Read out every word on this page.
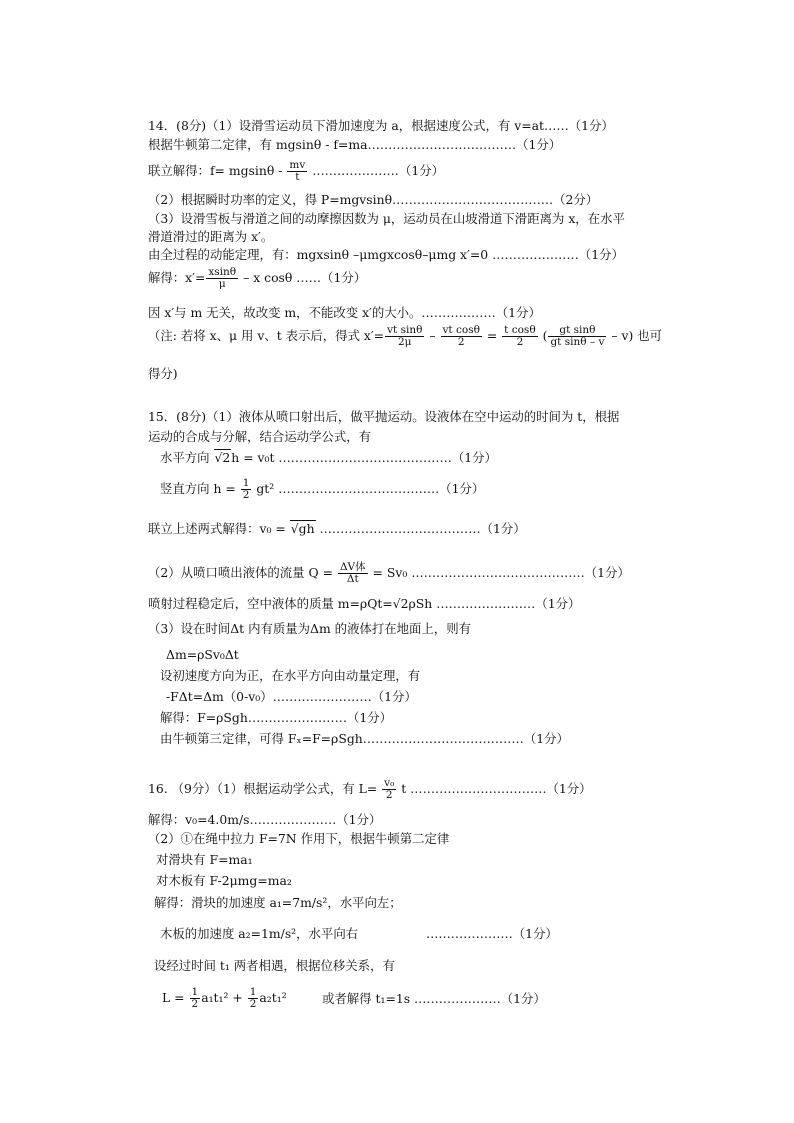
14．(8分)（1）设滑雪运动员下滑加速度为 a，根据速度公式，有 v=at……（1分）
根据牛顿第二定律，有 mgsinθ - f=ma………………………………（1分）
联立解得：$f= mgsin\theta - \frac{mv}{t}$ …………………（1分）
（2）根据瞬时功率的定义，得 P=mgvsinθ…………………………………（2分）
（3）设滑雪板与滑道之间的动摩擦因数为 μ，运动员在山坡滑道下滑距离为 x，在水平
滑道滑过的距离为 x′。
由全过程的动能定理，有：mgxsinθ –μmgxcosθ–μmg x′=0 …………………（1分）
解得：$x'= \frac{xsin\theta}{\mu} - x$ cosθ ……（1分）
因 x′与 m 无关，故改变 m，不能改变 x′的大小。………………（1分）
（注: 若将 x、μ 用 v、t 表示后，得式 $x'= \frac{\text{vt sinθ}}{2\mu} - \frac{\text{vt cosθ}}{2} = \frac{\text{t cosθ}}{2}$ ( $\frac{\text{gt sinθ}}{\text{gt sinθ – v}} - v$) 也可
得分)
15．(8分)（1）液体从喷口射出后，做平抛运动。设液体在空中运动的时间为 t，根据
运动的合成与分解，结合运动学公式，有
水平方向 √2h = v₀t ……………………………………（1分）
竖直方向 $h = \frac{1}{2} gt^2$ …………………………………（1分）
联立上述两式解得：v₀ = √gh …………………………………（1分）
（2）从喷口喷出液体的流量 $Q = \frac{\text{ΔV体}}{\Delta t} = Sv_0$ ……………………………………（1分）
喷射过程稳定后，空中液体的质量 m=ρQt=√2ρSh ……………………（1分）
（3）设在时间Δt 内有质量为Δm 的液体打在地面上，则有
Δm=ρSv₀Δt
设初速度方向为正，在水平方向由动量定理，有
-FΔt=Δm（0-v₀）……………………（1分）
解得：F=ρSgh……………………（1分）
由牛顿第三定律，可得 Fₓ=F=ρSgh…………………………………（1分）
16. （9分）（1）根据运动学公式，有 $L= \frac{\text{v₀}}{2}$ t ……………………………（1分）
解得：v₀=4.0m/s…………………（1分）
（2）①在绳中拉力 F=7N 作用下，根据牛顿第二定律
对滑块有 F=ma₁
对木板有 F-2μmg=ma₂
解得：滑块的加速度 a₁=7m/s²，水平向左；
木板的加速度 a₂=1m/s²，水平向右	…………………（1分）
设经过时间 t₁ 两者相遇，根据位移关系，有
$L = \frac{1}{2} a_1t_1^2 + \frac{1}{2} a_2t_1^2$	或者解得 t₁=1s …………………（1分）
